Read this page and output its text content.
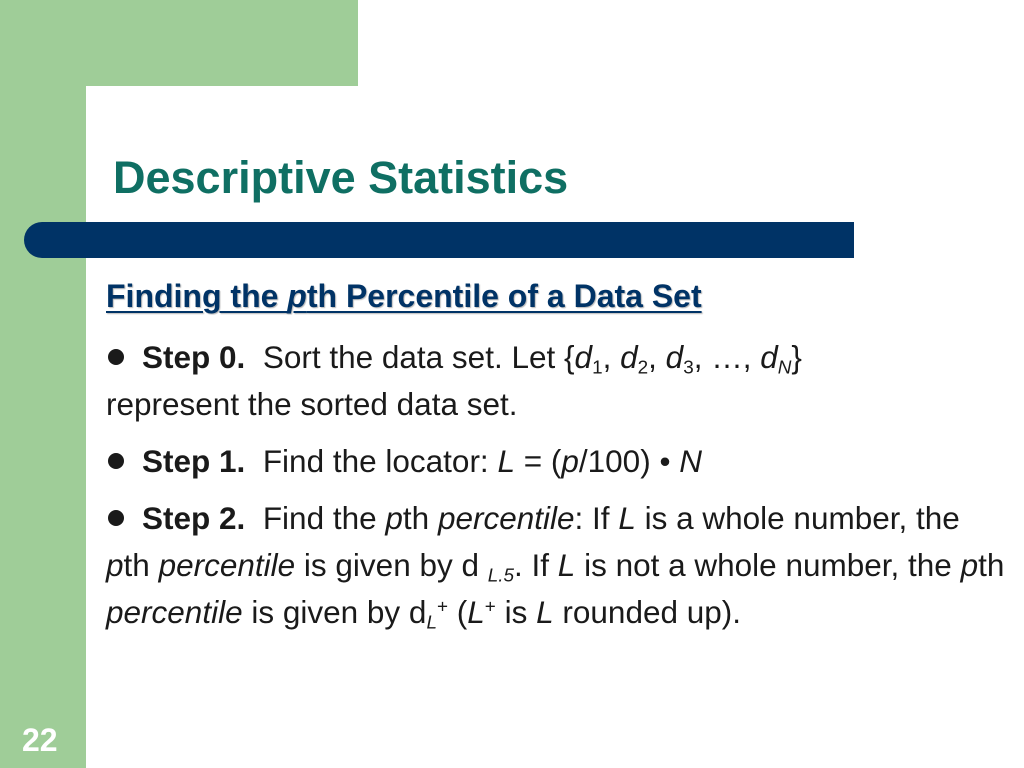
Descriptive Statistics
Finding the pth Percentile of a Data Set

Step 0. Sort the data set. Let {$d_1$, $d_2$, $d_3$, …, $d_N$}
represent the sorted data set.

Step 1. Find the locator: L = (p/100) • N

Step 2. Find the pth percentile: If L is a whole number, the pth percentile is given by d $_{L.5}$. If L is not a whole number, the pth percentile is given by $d_L^+$ (L+ is L rounded up).

22
